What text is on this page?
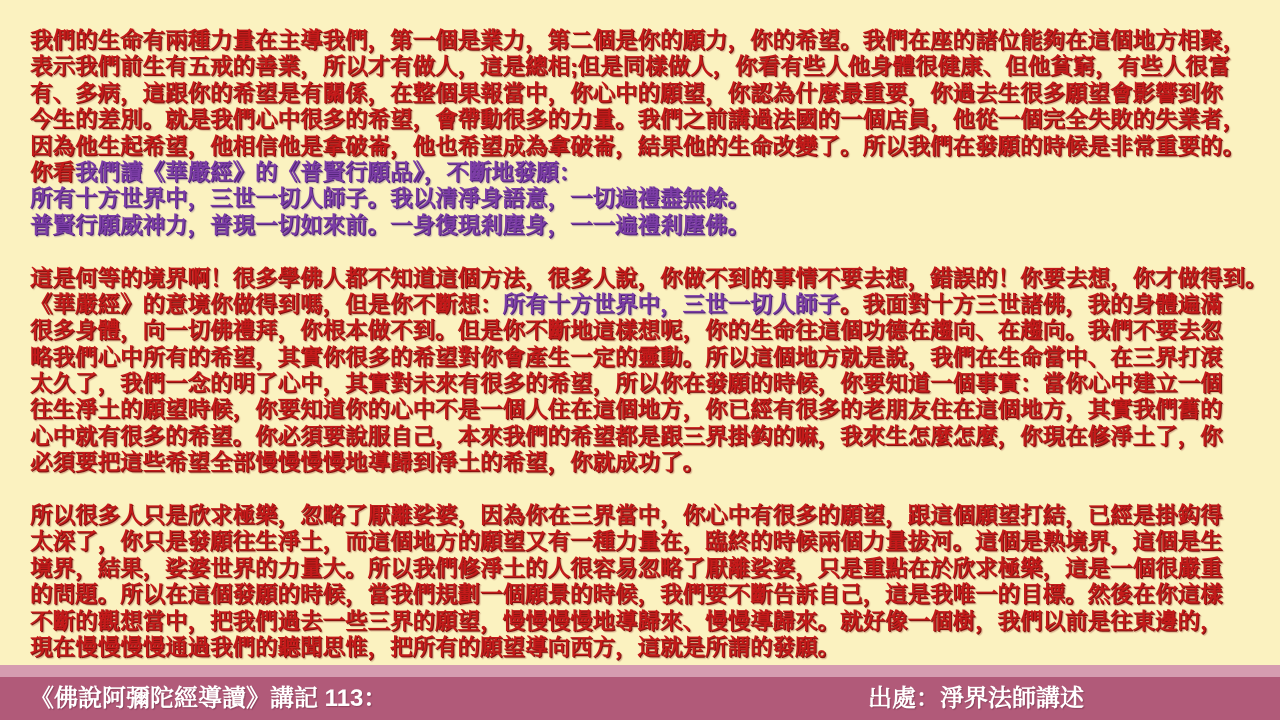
我們的生命有兩種力量在主導我們，第一個是業力，第二個是你的願力，你的希望。我們在座的諸位能夠在這個地方相聚，
表示我們前生有五戒的善業，所以才有做人，這是總相;但是同樣做人，你看有些人他身體很健康、但他貧窮，有些人很富
有、多病，這跟你的希望是有關係，在整個果報當中，你心中的願望，你認為什麼最重要，你過去生很多願望會影響到你
今生的差別。就是我們心中很多的希望，會帶動很多的力量。我們之前講過法國的一個店員，他從一個完全失敗的失業者，
因為他生起希望，他相信他是拿破崙，他也希望成為拿破崙，結果他的生命改變了。所以我們在發願的時候是非常重要的。
你看我們讀《華嚴經》的《普賢行願品》，不斷地發願：
所有十方世界中，三世一切人師子。我以清淨身語意，一切遍禮盡無餘。
普賢行願威神力，普現一切如來前。一身復現剎塵身，一一遍禮剎塵佛。
這是何等的境界啊！很多學佛人都不知道這個方法，很多人說，你做不到的事情不要去想，錯誤的！你要去想，你才做得到。
《華嚴經》的意境你做得到嗎，但是你不斷想：所有十方世界中，三世一切人師子。我面對十方三世諸佛，我的身體遍滿
很多身體，向一切佛禮拜，你根本做不到。但是你不斷地這樣想呢，你的生命往這個功德在趨向、在趨向。我們不要去忽
略我們心中所有的希望，其實你很多的希望對你會產生一定的靈動。所以這個地方就是說，我們在生命當中、在三界打滾
太久了，我們一念的明了心中，其實對未來有很多的希望，所以你在發願的時候，你要知道一個事實：當你心中建立一個
往生淨土的願望時候，你要知道你的心中不是一個人住在這個地方，你已經有很多的老朋友住在這個地方，其實我們舊的
心中就有很多的希望。你必須要說服自己，本來我們的希望都是跟三界掛鈎的嘛，我來生怎麼怎麼，你現在修淨土了，你
必須要把這些希望全部慢慢慢慢地導歸到淨土的希望，你就成功了。
所以很多人只是欣求極樂，忽略了厭離娑婆，因為你在三界當中，你心中有很多的願望，跟這個願望打結，已經是掛鈎得
太深了，你只是發願往生淨土，而這個地方的願望又有一種力量在，臨終的時候兩個力量拔河。這個是熟境界，這個是生
境界，結果，娑婆世界的力量大。所以我們修淨土的人很容易忽略了厭離娑婆，只是重點在於欣求極樂，這是一個很嚴重
的問題。所以在這個發願的時候，當我們規劃一個願景的時候，我們要不斷告訴自己，這是我唯一的目標。然後在你這樣
不斷的觀想當中，把我們過去一些三界的願望，慢慢慢慢地導歸來、慢慢導歸來。就好像一個樹，我們以前是往東邊的，
現在慢慢慢慢通過我們的聽聞思惟，把所有的願望導向西方，這就是所謂的發願。
《佛說阿彌陀經導讀》講記 113：	出處：淨界法師講述
